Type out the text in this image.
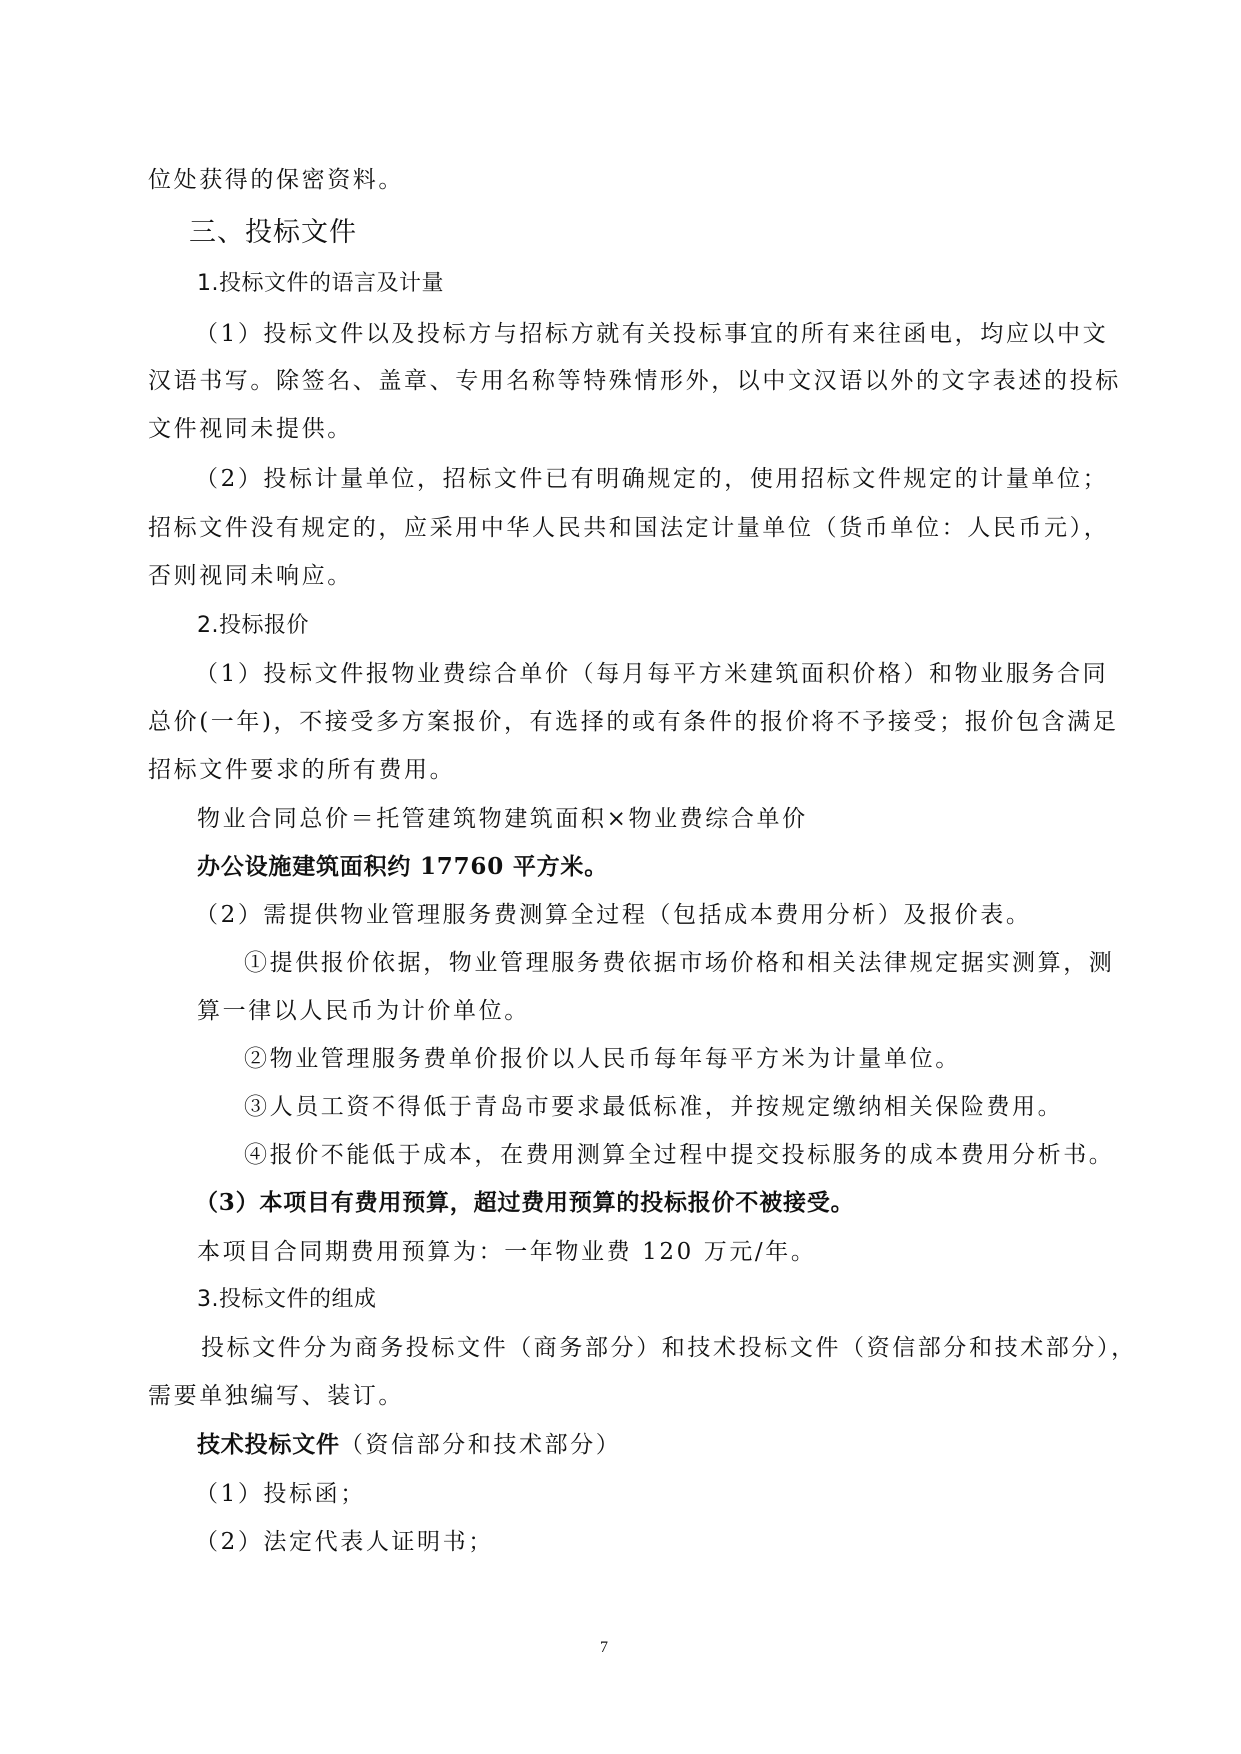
位处获得的保密资料。
三、投标文件
1.投标文件的语言及计量
（1）投标文件以及投标方与招标方就有关投标事宜的所有来往函电，均应以中文
汉语书写。除签名、盖章、专用名称等特殊情形外，以中文汉语以外的文字表述的投标
文件视同未提供。
（2）投标计量单位，招标文件已有明确规定的，使用招标文件规定的计量单位；
招标文件没有规定的，应采用中华人民共和国法定计量单位（货币单位：人民币元），
否则视同未响应。
2.投标报价
（1）投标文件报物业费综合单价（每月每平方米建筑面积价格）和物业服务合同
总价(一年)，不接受多方案报价，有选择的或有条件的报价将不予接受；报价包含满足
招标文件要求的所有费用。
物业合同总价＝托管建筑物建筑面积×物业费综合单价
办公设施建筑面积约 17760 平方米。
（2）需提供物业管理服务费测算全过程（包括成本费用分析）及报价表。
①提供报价依据，物业管理服务费依据市场价格和相关法律规定据实测算，测
算一律以人民币为计价单位。
②物业管理服务费单价报价以人民币每年每平方米为计量单位。
③人员工资不得低于青岛市要求最低标准，并按规定缴纳相关保险费用。
④报价不能低于成本，在费用测算全过程中提交投标服务的成本费用分析书。
（3）本项目有费用预算，超过费用预算的投标报价不被接受。
本项目合同期费用预算为：一年物业费 120 万元/年。
3.投标文件的组成
投标文件分为商务投标文件（商务部分）和技术投标文件（资信部分和技术部分），
需要单独编写、装订。
技术投标文件（资信部分和技术部分）
（1）投标函；
（2）法定代表人证明书；
7
